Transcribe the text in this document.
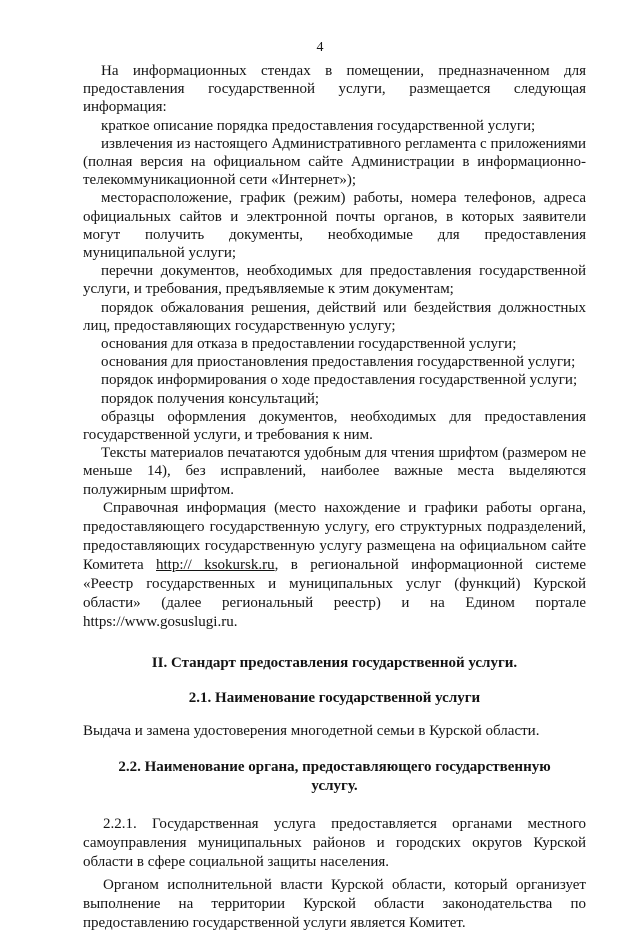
4

На информационных стендах в помещении, предназначенном для предоставления государственной услуги, размещается следующая информация:

краткое описание порядка предоставления государственной услуги;

извлечения из настоящего Административного регламента с приложениями (полная версия на официальном сайте Администрации в информационно-телекоммуникационной сети «Интернет»);

месторасположение, график (режим) работы, номера телефонов, адреса официальных сайтов и электронной почты органов, в которых заявители могут получить документы, необходимые для предоставления муниципальной услуги;

перечни документов, необходимых для предоставления государственной услуги, и требования, предъявляемые к этим документам;

порядок обжалования решения, действий или бездействия должностных лиц, предоставляющих государственную услугу;

основания для отказа в предоставлении государственной услуги;

основания для приостановления предоставления государственной услуги;

порядок информирования о ходе предоставления государственной услуги;

порядок получения консультаций;

образцы оформления документов, необходимых для предоставления государственной услуги, и требования к ним.

Тексты материалов печатаются удобным для чтения шрифтом (размером не меньше 14), без исправлений, наиболее важные места выделяются полужирным шрифтом.

Справочная информация (место нахождение и графики работы органа, предоставляющего государственную услугу, его структурных подразделений, предоставляющих государственную услугу размещена на официальном сайте Комитета http:// ksokursk.ru, в региональной информационной системе «Реестр государственных и муниципальных услуг (функций) Курской области» (далее региональный реестр) и на Едином портале https://www.gosuslugi.ru.

II. Стандарт предоставления государственной услуги.

2.1. Наименование государственной услуги

Выдача и замена удостоверения многодетной семьи в Курской области.

2.2. Наименование органа, предоставляющего государственную услугу.

2.2.1. Государственная услуга предоставляется органами местного самоуправления муниципальных районов и городских округов Курской области в сфере социальной защиты населения.

Органом исполнительной власти Курской области, который организует выполнение на территории Курской области законодательства по предоставлению государственной услуги является Комитет.
